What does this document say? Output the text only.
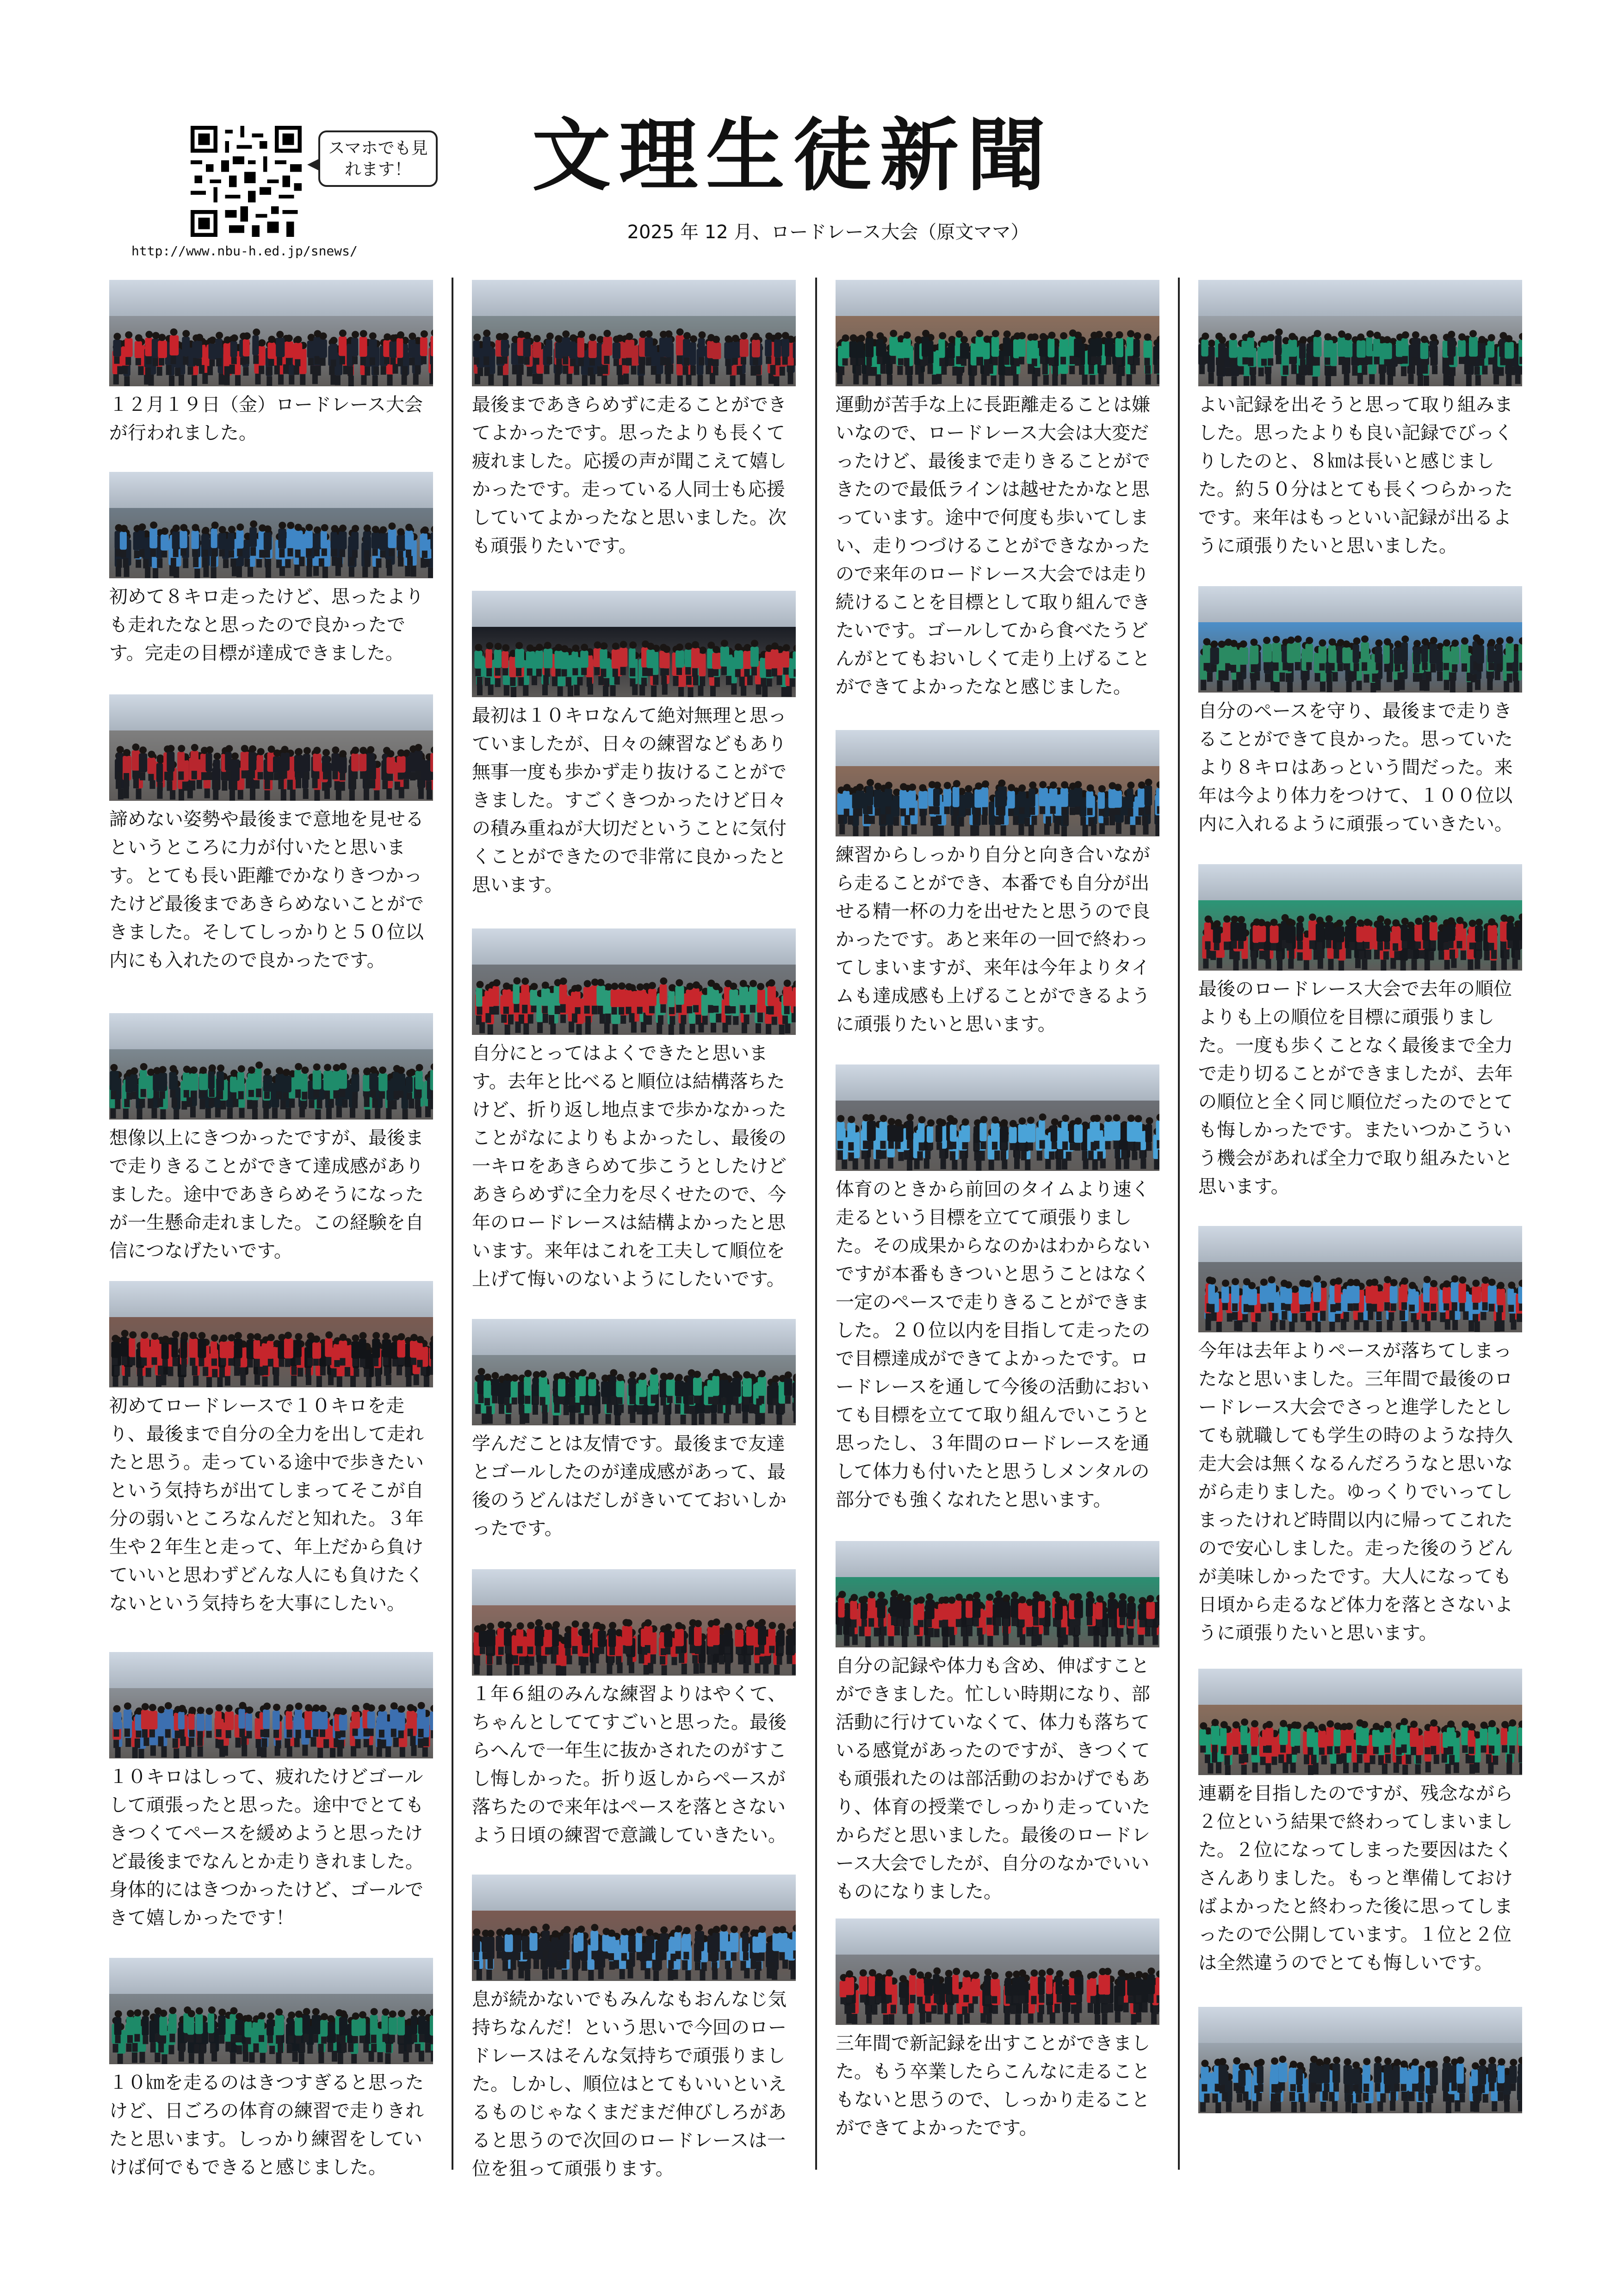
スマホでも見れます！
http://www.nbu-h.ed.jp/snews/
文理生徒新聞
2025 年 12 月、ロードレース大会（原文ママ）
１２月１９日（金）ロードレース大会が行われました。
初めて８キロ走ったけど、思ったよりも走れたなと思ったので良かったです。完走の目標が達成できました。
諦めない姿勢や最後まで意地を見せるというところに力が付いたと思います。とても長い距離でかなりきつかったけど最後まであきらめないことができました。そしてしっかりと５０位以内にも入れたので良かったです。
想像以上にきつかったですが、最後まで走りきることができて達成感がありました。途中であきらめそうになったが一生懸命走れました。この経験を自信につなげたいです。
初めてロードレースで１０キロを走り、最後まで自分の全力を出して走れたと思う。走っている途中で歩きたいという気持ちが出てしまってそこが自分の弱いところなんだと知れた。３年生や２年生と走って、年上だから負けていいと思わずどんな人にも負けたくないという気持ちを大事にしたい。
１０キロはしって、疲れたけどゴールして頑張ったと思った。途中でとてもきつくてペースを緩めようと思ったけど最後までなんとか走りきれました。身体的にはきつかったけど、ゴールできて嬉しかったです！
１０㎞を走るのはきつすぎると思ったけど、日ごろの体育の練習で走りきれたと思います。しっかり練習をしていけば何でもできると感じました。
最後まであきらめずに走ることができてよかったです。思ったよりも長くて疲れました。応援の声が聞こえて嬉しかったです。走っている人同士も応援していてよかったなと思いました。次も頑張りたいです。
最初は１０キロなんて絶対無理と思っていましたが、日々の練習などもあり無事一度も歩かず走り抜けることができました。すごくきつかったけど日々の積み重ねが大切だということに気付くことができたので非常に良かったと思います。
自分にとってはよくできたと思います。去年と比べると順位は結構落ちたけど、折り返し地点まで歩かなかったことがなによりもよかったし、最後の一キロをあきらめて歩こうとしたけどあきらめずに全力を尽くせたので、今年のロードレースは結構よかったと思います。来年はこれを工夫して順位を上げて悔いのないようにしたいです。
学んだことは友情です。最後まで友達とゴールしたのが達成感があって、最後のうどんはだしがきいてておいしかったです。
１年６組のみんな練習よりはやくて、ちゃんとしててすごいと思った。最後らへんで一年生に抜かされたのがすこし悔しかった。折り返しからペースが落ちたので来年はペースを落とさないよう日頃の練習で意識していきたい。
息が続かないでもみんなもおんなじ気持ちなんだ！という思いで今回のロードレースはそんな気持ちで頑張りました。しかし、順位はとてもいいといえるものじゃなくまだまだ伸びしろがあると思うので次回のロードレースは一位を狙って頑張ります。
運動が苦手な上に長距離走ることは嫌いなので、ロードレース大会は大変だったけど、最後まで走りきることができたので最低ラインは越せたかなと思っています。途中で何度も歩いてしまい、走りつづけることができなかったので来年のロードレース大会では走り続けることを目標として取り組んできたいです。ゴールしてから食べたうどんがとてもおいしくて走り上げることができてよかったなと感じました。
練習からしっかり自分と向き合いながら走ることができ、本番でも自分が出せる精一杯の力を出せたと思うので良かったです。あと来年の一回で終わってしまいますが、来年は今年よりタイムも達成感も上げることができるように頑張りたいと思います。
体育のときから前回のタイムより速く走るという目標を立てて頑張りました。その成果からなのかはわからないですが本番もきついと思うことはなく一定のペースで走りきることができました。２０位以内を目指して走ったので目標達成ができてよかったです。ロードレースを通して今後の活動においても目標を立てて取り組んでいこうと思ったし、３年間のロードレースを通して体力も付いたと思うしメンタルの部分でも強くなれたと思います。
自分の記録や体力も含め、伸ばすことができました。忙しい時期になり、部活動に行けていなくて、体力も落ちている感覚があったのですが、きつくても頑張れたのは部活動のおかげでもあり、体育の授業でしっかり走っていたからだと思いました。最後のロードレース大会でしたが、自分のなかでいいものになりました。
三年間で新記録を出すことができました。もう卒業したらこんなに走ることもないと思うので、しっかり走ることができてよかったです。
よい記録を出そうと思って取り組みました。思ったよりも良い記録でびっくりしたのと、８㎞は長いと感じました。約５０分はとても長くつらかったです。来年はもっといい記録が出るように頑張りたいと思いました。
自分のペースを守り、最後まで走りきることができて良かった。思っていたより８キロはあっという間だった。来年は今より体力をつけて、１００位以内に入れるように頑張っていきたい。
最後のロードレース大会で去年の順位よりも上の順位を目標に頑張りました。一度も歩くことなく最後まで全力で走り切ることができましたが、去年の順位と全く同じ順位だったのでとても悔しかったです。またいつかこういう機会があれば全力で取り組みたいと思います。
今年は去年よりペースが落ちてしまったなと思いました。三年間で最後のロードレース大会でさっと進学したとしても就職しても学生の時のような持久走大会は無くなるんだろうなと思いながら走りました。ゆっくりでいってしまったけれど時間以内に帰ってこれたので安心しました。走った後のうどんが美味しかったです。大人になっても日頃から走るなど体力を落とさないように頑張りたいと思います。
連覇を目指したのですが、残念ながら２位という結果で終わってしまいました。２位になってしまった要因はたくさんありました。もっと準備しておけばよかったと終わった後に思ってしまったので公開しています。１位と２位は全然違うのでとても悔しいです。
